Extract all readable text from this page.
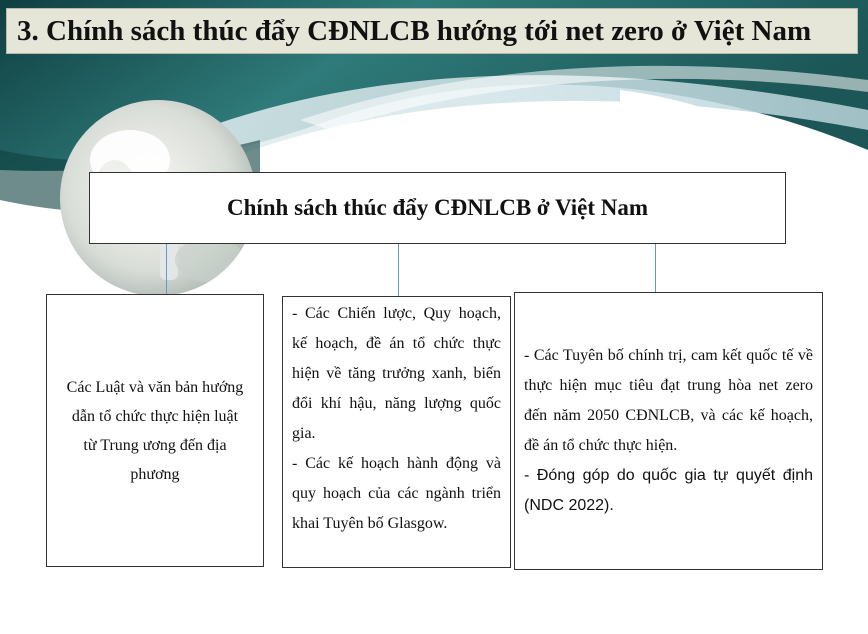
3. Chính sách thúc đẩy CĐNLCB hướng tới net zero ở Việt Nam
Chính sách thúc đẩy CĐNLCB ở Việt Nam

Các Luật và văn bản hướng dẫn tổ chức thực hiện luật từ Trung ương đến địa phương

- Các Chiến lược, Quy hoạch, kế hoạch, đề án tổ chức thực hiện về tăng trưởng xanh, biến đổi khí hậu, năng lượng quốc gia.

- Các kế hoạch hành động và quy hoạch của các ngành triển khai Tuyên bố Glasgow.

- Các Tuyên bố chính trị, cam kết quốc tế về thực hiện mục tiêu đạt trung hòa net zero đến năm 2050 CĐNLCB, và các kế hoạch, đề án tổ chức thực hiện.

- Đóng góp do quốc gia tự quyết định (NDC 2022).
